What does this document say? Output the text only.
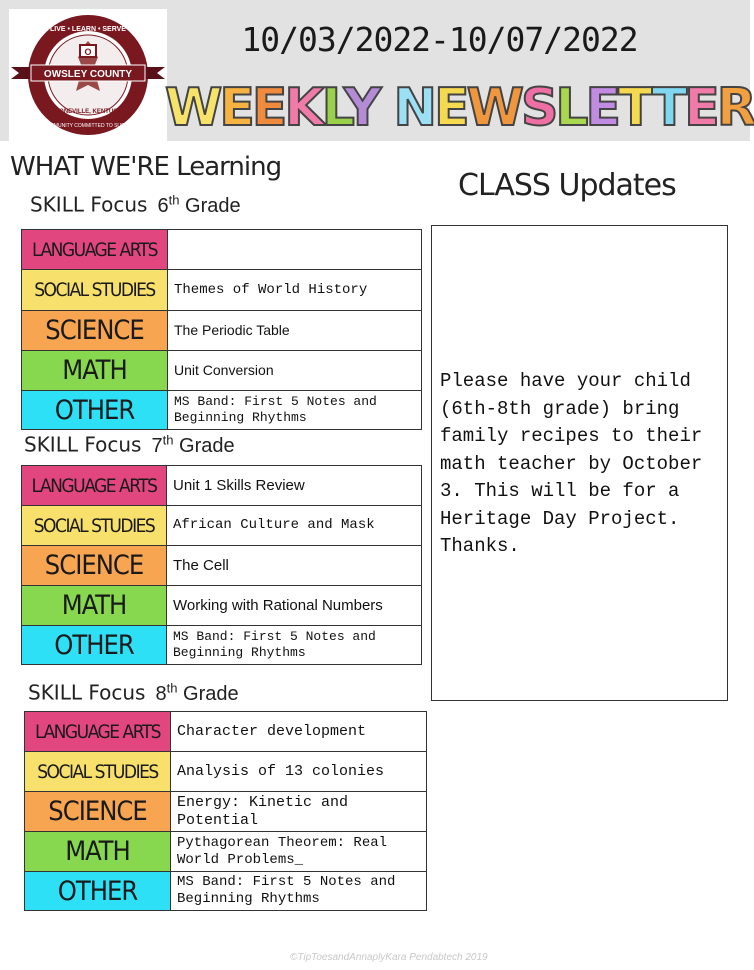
O
OWSLEY COUNTY
• LIVE • LEARN • SERVE •
BOONEVILLE, KENTUCKY
A COMMUNITY COMMITTED TO SUCCESS
10/03/2022-10/07/2022
WEEKLY NEWSLETTER
WHAT WE'RE Learning
CLASS Updates
SKILL Focus 6th Grade
LANGUAGE ARTS
SOCIAL STUDIES	Themes of World History
SCIENCE	The Periodic Table
MATH	Unit Conversion
OTHER	MS Band: First 5 Notes and Beginning Rhythms
SKILL Focus 7th Grade
LANGUAGE ARTS	Unit 1 Skills Review
SOCIAL STUDIES	African Culture and Mask
SCIENCE	The Cell
MATH	Working with Rational Numbers
OTHER	MS Band: First 5 Notes and Beginning Rhythms
SKILL Focus 8th Grade
LANGUAGE ARTS	Character development
SOCIAL STUDIES	Analysis of 13 colonies
SCIENCE	Energy: Kinetic and Potential
MATH	Pythagorean Theorem: Real World Problems_
OTHER	MS Band: First 5 Notes and Beginning Rhythms
Please have your child (6th-8th grade) bring family recipes to their math teacher by October 3. This will be for a Heritage Day Project. Thanks.
©TipToesandAnnaplyKara Pendabtech 2019
